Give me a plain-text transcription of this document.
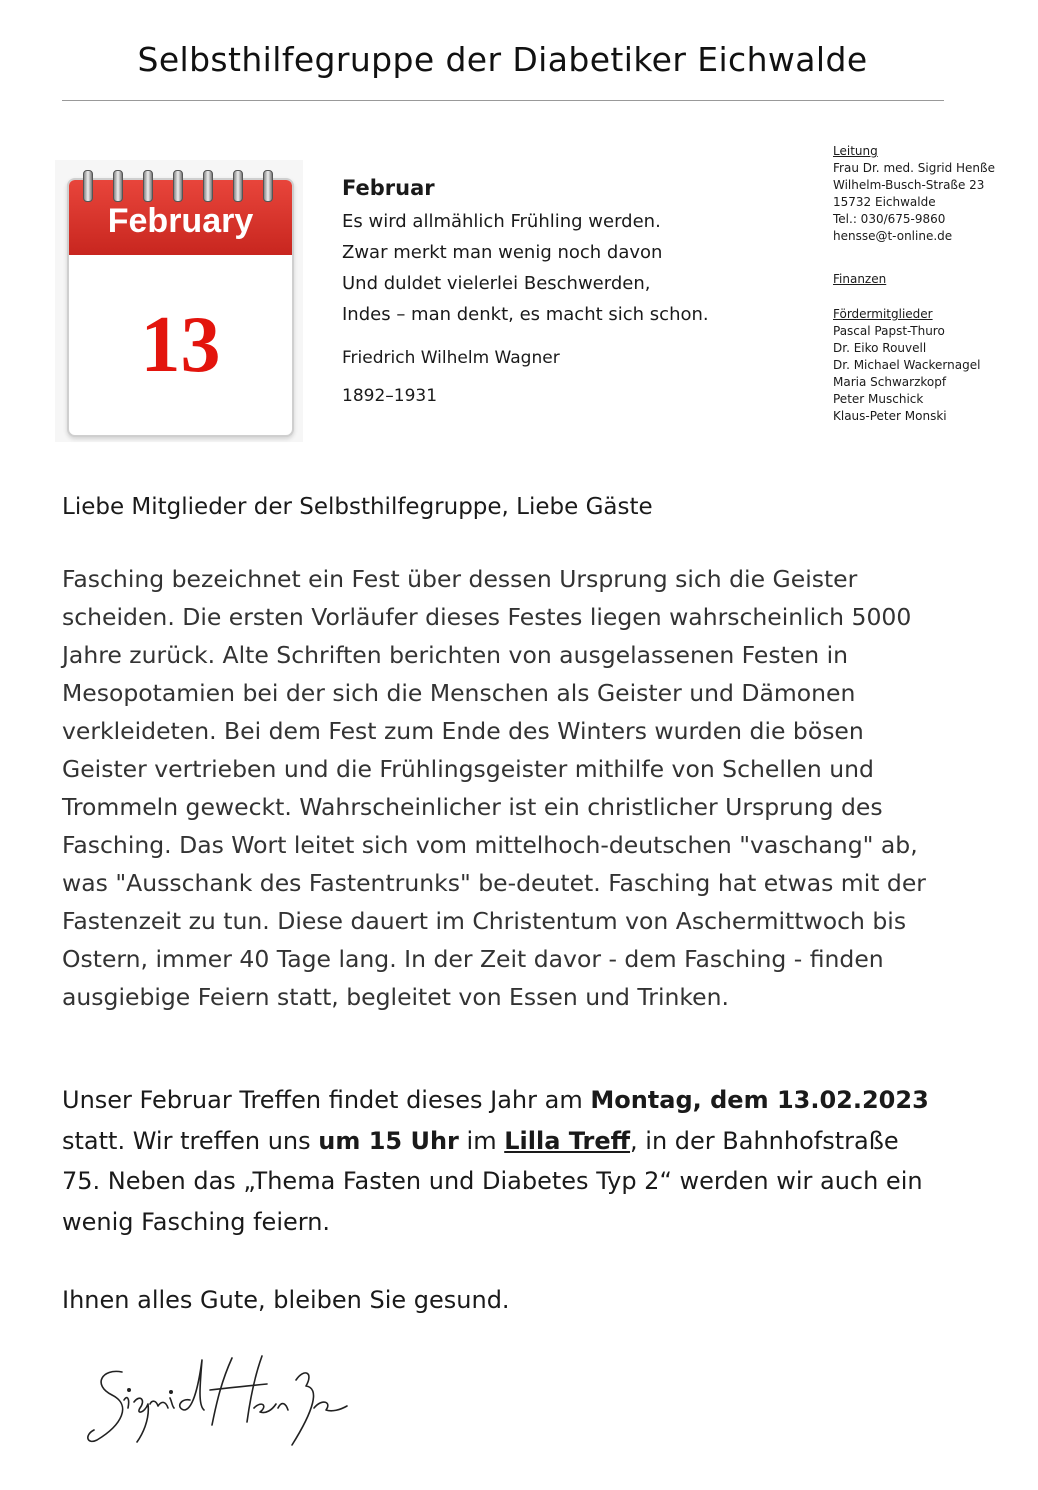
Selbsthilfegruppe der Diabetiker Eichwalde
February
13
Februar
Es wird allmählich Frühling werden.
Zwar merkt man wenig noch davon
Und duldet vielerlei Beschwerden,
Indes – man denkt, es macht sich schon.
Friedrich Wilhelm Wagner
1892–1931
Leitung
Frau Dr. med. Sigrid Henße
Wilhelm-Busch-Straße 23
15732 Eichwalde
Tel.: 030/675-9860
hensse@t-online.de
Finanzen
Fördermitglieder
Pascal Papst-Thuro
Dr. Eiko Rouvell
Dr. Michael Wackernagel
Maria Schwarzkopf
Peter Muschick
Klaus-Peter Monski
Liebe Mitglieder der Selbsthilfegruppe, Liebe Gäste
Fasching bezeichnet ein Fest über dessen Ursprung sich die Geister scheiden. Die ersten Vorläufer dieses Festes liegen wahrscheinlich 5000 Jahre zurück. Alte Schriften berichten von ausgelassenen Festen in Mesopotamien bei der sich die Menschen als Geister und Dämonen verkleideten. Bei dem Fest zum Ende des Winters wurden die bösen Geister vertrieben und die Frühlingsgeister mithilfe von Schellen und Trommeln geweckt. Wahrscheinlicher ist ein christlicher Ursprung des Fasching. Das Wort leitet sich vom mittelhoch-deutschen "vaschang" ab, was "Ausschank des Fastentrunks" be-deutet. Fasching hat etwas mit der Fastenzeit zu tun. Diese dauert im Christentum von Aschermittwoch bis Ostern, immer 40 Tage lang. In der Zeit davor - dem Fasching - finden ausgiebige Feiern statt, begleitet von Essen und Trinken.
Unser Februar Treffen findet dieses Jahr am Montag, dem 13.02.2023 statt. Wir treffen uns um 15 Uhr im Lilla Treff, in der Bahnhofstraße 75. Neben das „Thema Fasten und Diabetes Typ 2“ werden wir auch ein wenig Fasching feiern.
Ihnen alles Gute, bleiben Sie gesund.
